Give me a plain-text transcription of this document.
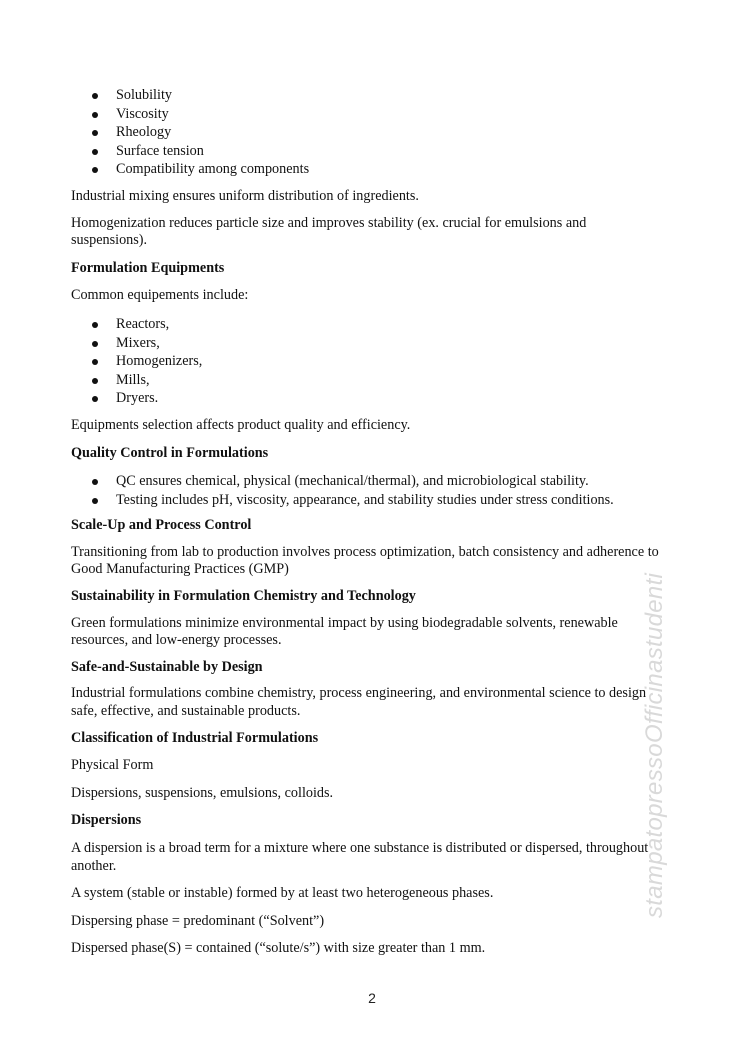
Solubility
Viscosity
Rheology
Surface tension
Compatibility among components

Industrial mixing ensures uniform distribution of ingredients.

Homogenization reduces particle size and improves stability (ex. crucial for emulsions and suspensions).

Formulation Equipments

Common equipements include:

Reactors,
Mixers,
Homogenizers,
Mills,
Dryers.

Equipments selection affects product quality and efficiency.

Quality Control in Formulations

QC ensures chemical, physical (mechanical/thermal), and microbiological stability.
Testing includes pH, viscosity, appearance, and stability studies under stress conditions.

Scale-Up and Process Control

Transitioning from lab to production involves process optimization, batch consistency and adherence to Good Manufacturing Practices (GMP)

Sustainability in Formulation Chemistry and Technology

Green formulations minimize environmental impact by using biodegradable solvents, renewable resources, and low-energy processes.

Safe-and-Sustainable by Design

Industrial formulations combine chemistry, process engineering, and environmental science to design safe, effective, and sustainable products.

Classification of Industrial Formulations

Physical Form

Dispersions, suspensions, emulsions, colloids.

Dispersions

A dispersion is a broad term for a mixture where one substance is distributed or dispersed, throughout another.

A system (stable or instable) formed by at least two heterogeneous phases.

Dispersing phase = predominant (“Solvent”)

Dispersed phase(S) = contained (“solute/s”) with size greater than 1 mm.

stampatopressoOfficinastudenti
2
